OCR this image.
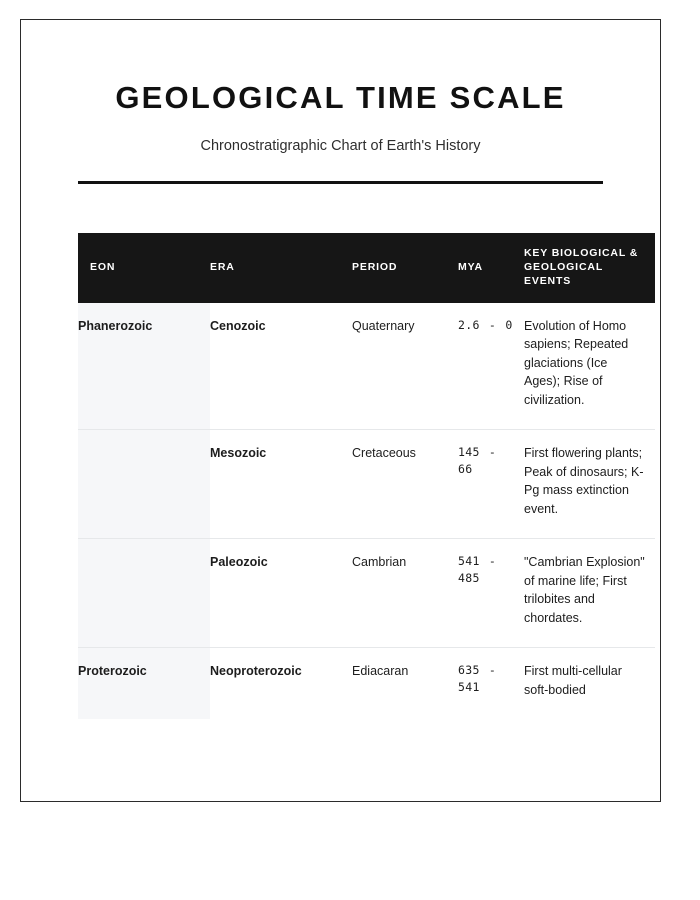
GEOLOGICAL TIME SCALE

Chronostratigraphic Chart of Earth's History

EON	ERA	PERIOD	MYA	KEY BIOLOGICAL & GEOLOGICAL EVENTS
Phanerozoic	Cenozoic	Quaternary	2.6 - 0	Evolution of Homo sapiens; Repeated glaciations (Ice Ages); Rise of civilization.
	Mesozoic	Cretaceous	145 - 66	First flowering plants; Peak of dinosaurs; K-Pg mass extinction event.
	Paleozoic	Cambrian	541 - 485	"Cambrian Explosion" of marine life; First trilobites and chordates.
Proterozoic	Neoproterozoic	Ediacaran	635 - 541	First multi-cellular soft-bodied
